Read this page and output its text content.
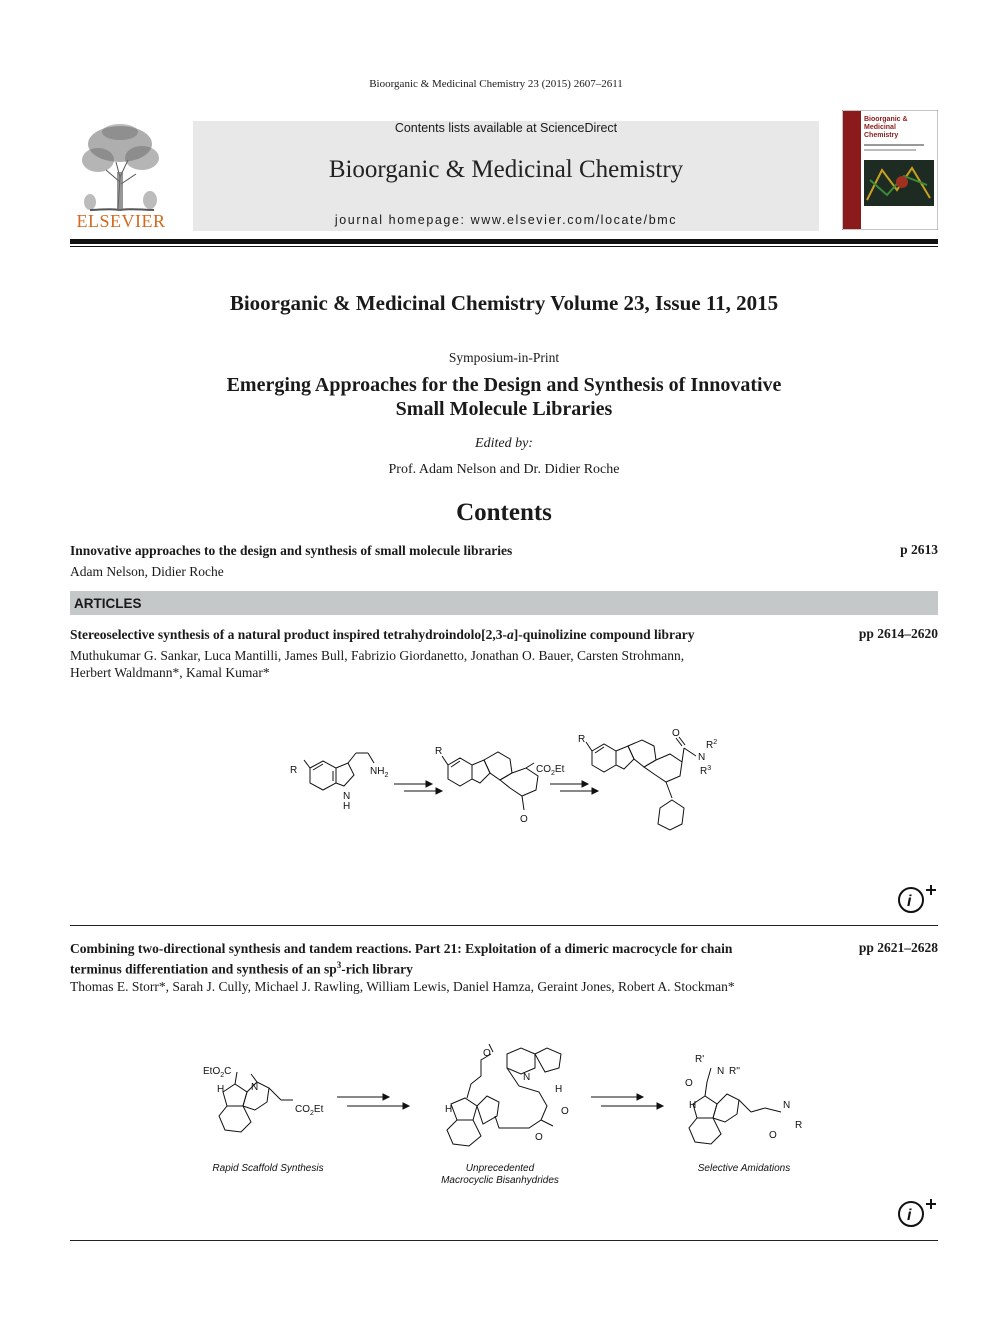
Bioorganic & Medicinal Chemistry 23 (2015) 2607–2611
ELSEVIER
Contents lists available at ScienceDirect
Bioorganic & Medicinal Chemistry
journal homepage: www.elsevier.com/locate/bmc
Bioorganic & Medicinal
Chemistry
Bioorganic & Medicinal Chemistry Volume 23, Issue 11, 2015
Symposium-in-Print
Emerging Approaches for the Design and Synthesis of Innovative
Small Molecule Libraries
Edited by:
Prof. Adam Nelson and Dr. Didier Roche
Contents
Innovative approaches to the design and synthesis of small molecule libraries
Adam Nelson, Didier Roche
p 2613
ARTICLES
Stereoselective synthesis of a natural product inspired tetrahydroindolo[2,3-a]-quinolizine compound library	pp 2614–2620
Muthukumar G. Sankar, Luca Mantilli, James Bull, Fabrizio Giordanetto, Jonathan O. Bauer, Carsten Strohmann,
Herbert Waldmann*, Kamal Kumar*
R	$NH_2$
N
H
R
$CO_2Et$
O
R
O
N
$R^2$
$R^3$
i
Combining two-directional synthesis and tandem reactions. Part 21: Exploitation of a dimeric macrocycle for chain
terminus differentiation and synthesis of an $sp^3$-rich library
pp 2621–2628
Thomas E. Storr*, Sarah J. Cully, Michael J. Rawling, William Lewis, Daniel Hamza, Geraint Jones, Robert A. Stockman*
EtO$_2$C
N
H
$CO_2Et$
O
N
H
O
O
H
R'
N R''
O
H	N
R
O
Rapid Scaffold Synthesis	Unprecedented
Macrocyclic Bisanhydrides
Selective Amidations
i
